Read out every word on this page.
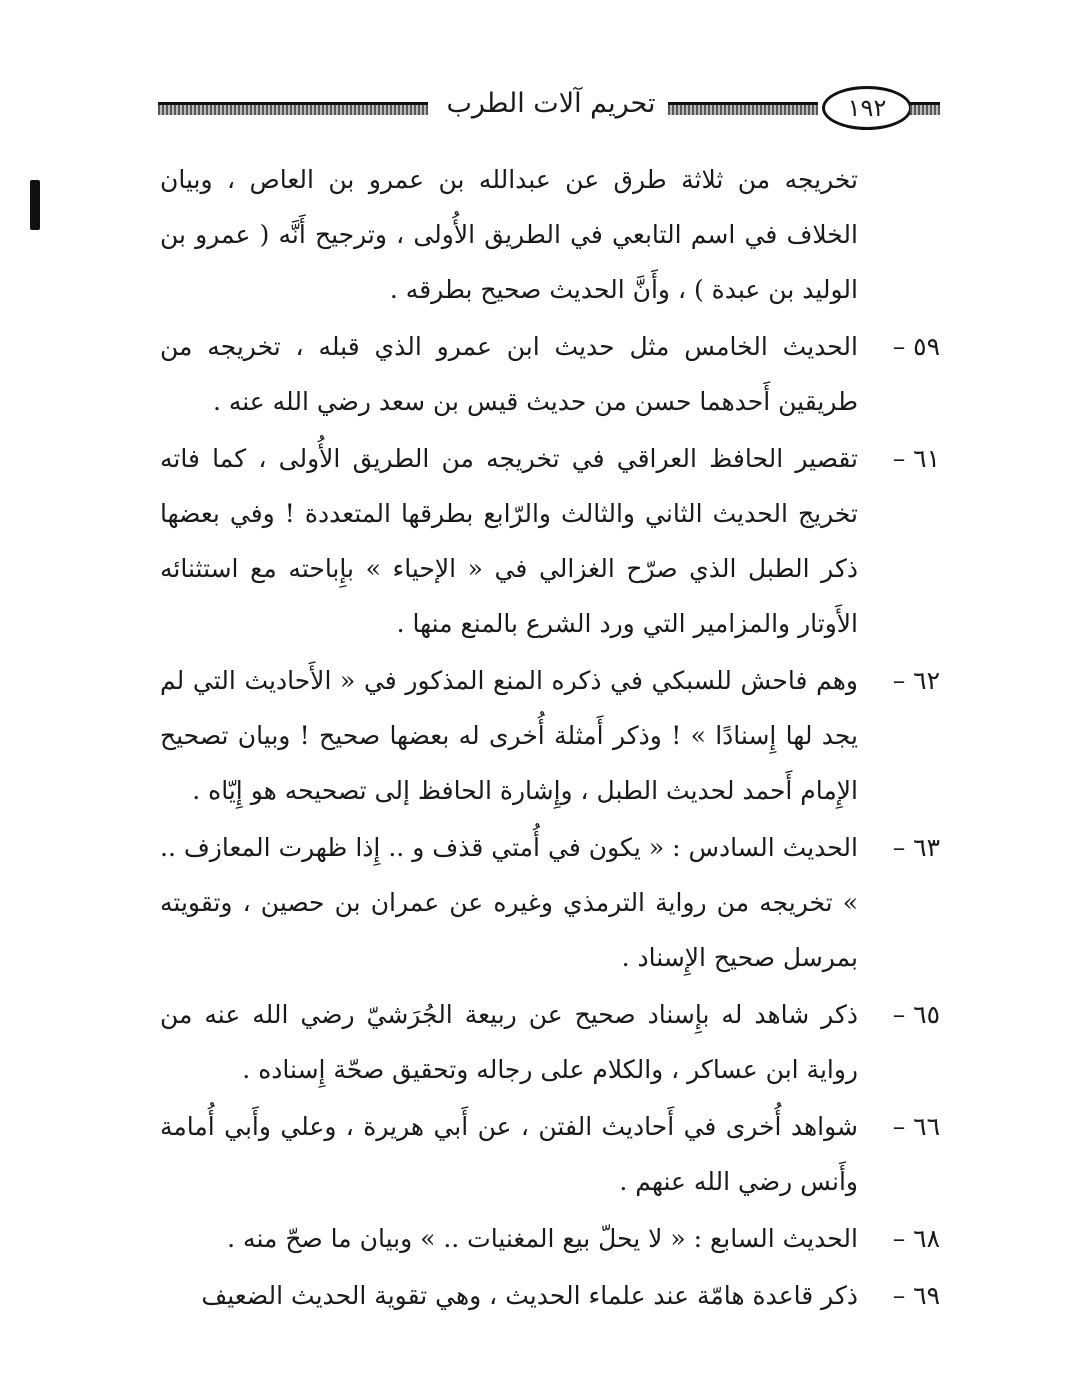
تحريم آلات الطرب	١٩٢

تخريجه من ثلاثة طرق عن عبدالله بن عمرو بن العاص ، وبيان الخلاف في اسم التابعي في الطريق الأُولى ، وترجيح أَنَّه ( عمرو بن الوليد بن عبدة ) ، وأَنَّ الحديث صحيح بطرقه .

٥٩ –
الحديث الخامس مثل حديث ابن عمرو الذي قبله ، تخريجه من طريقين أَحدهما حسن من حديث قيس بن سعد رضي الله عنه .
٦١ –
تقصير الحافظ العراقي في تخريجه من الطريق الأُولى ، كما فاته تخريج الحديث الثاني والثالث والرّابع بطرقها المتعددة ! وفي بعضها ذكر الطبل الذي صرّح الغزالي في « الإحياء » بإِباحته مع استثنائه الأَوتار والمزامير التي ورد الشرع بالمنع منها .
٦٢ –
وهم فاحش للسبكي في ذكره المنع المذكور في « الأَحاديث التي لم يجد لها إِسنادًا » ! وذكر أَمثلة أُخرى له بعضها صحيح ! وبيان تصحيح الإِمام أَحمد لحديث الطبل ، وإِشارة الحافظ إلى تصحيحه هو إِيّاه .
٦٣ –
الحديث السادس : « يكون في أُمتي قذف و .. إِذا ظهرت المعازف .. » تخريجه من رواية الترمذي وغيره عن عمران بن حصين ، وتقويته بمرسل صحيح الإِسناد .
٦٥ –
ذكر شاهد له بإِسناد صحيح عن ربيعة الجُرَشيّ رضي الله عنه من رواية ابن عساكر ، والكلام على رجاله وتحقيق صحّة إِسناده .
٦٦ –
شواهد أُخرى في أَحاديث الفتن ، عن أَبي هريرة ، وعلي وأَبي أُمامة وأَنس رضي الله عنهم .
٦٨ –
الحديث السابع : « لا يحلّ بيع المغنيات .. » وبيان ما صحّ منه .
٦٩ –
ذكر قاعدة هامّة عند علماء الحديث ، وهي تقوية الحديث الضعيف
